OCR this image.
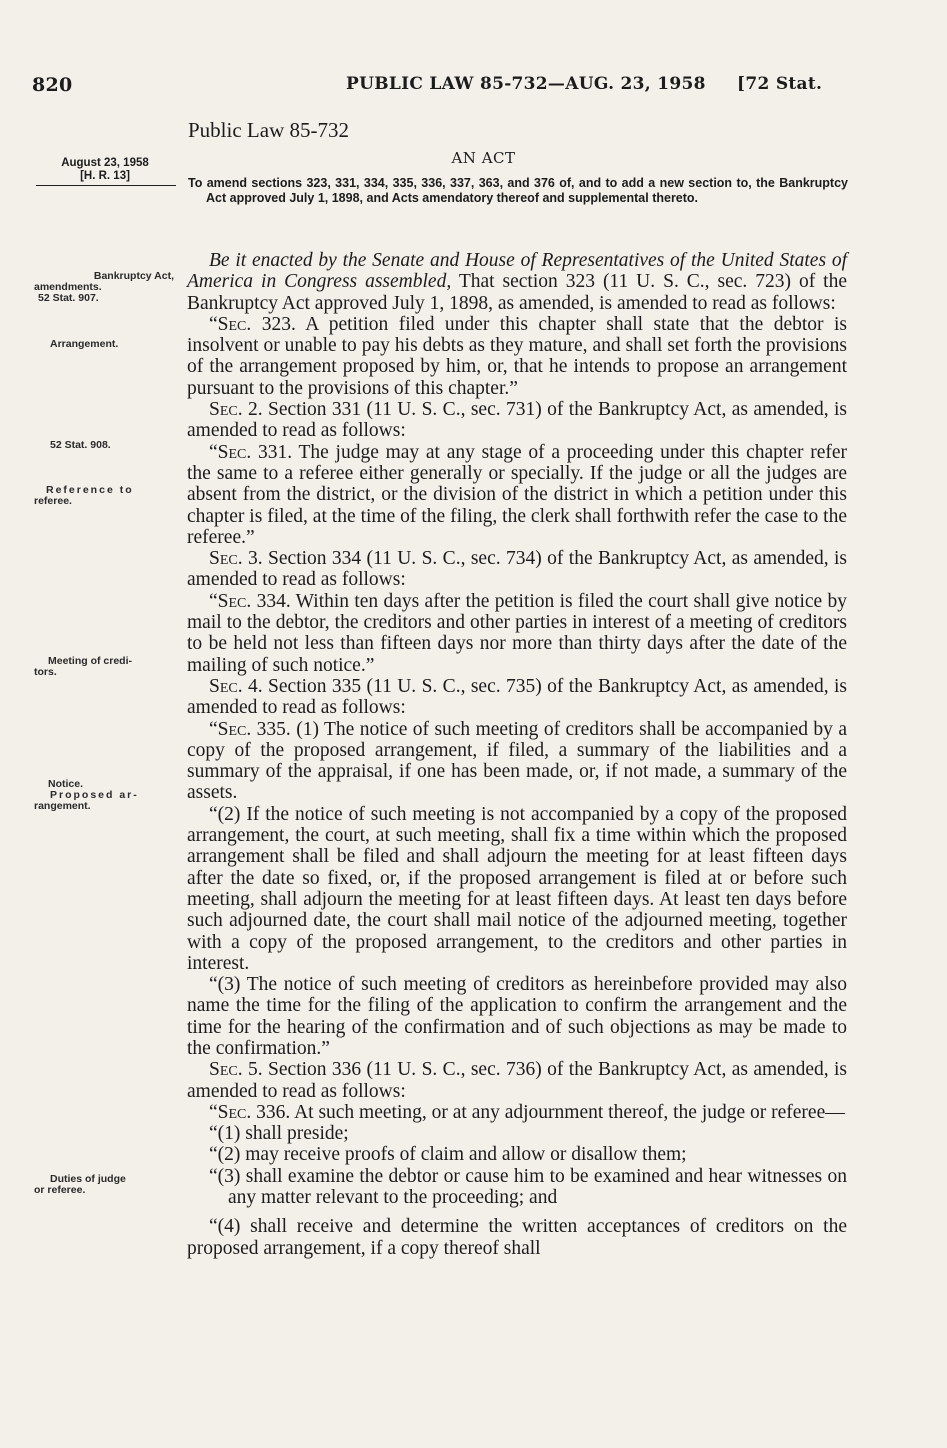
820	PUBLIC LAW 85-732—AUG. 23, 1958 [72 Stat.
Public Law 85-732
AN ACT
August 23, 1958
[H. R. 13]	To amend sections 323, 331, 334, 335, 336, 337, 363, and 376 of, and to add a new section to, the Bankruptcy Act approved July 1, 1898, and Acts amendatory thereof and supplemental thereto.
Bankruptcy Act,
amendments.
52 Stat. 907.
Arrangement.
52 Stat. 908.
Reference to
referee.
Meeting of credi-
tors.
Notice.
Proposed ar-
rangement.
Duties of judge
or referee.

Be it enacted by the Senate and House of Representatives of the United States of America in Congress assembled, That section 323 (11 U. S. C., sec. 723) of the Bankruptcy Act approved July 1, 1898, as amended, is amended to read as follows:

“Sec. 323. A petition filed under this chapter shall state that the debtor is insolvent or unable to pay his debts as they mature, and shall set forth the provisions of the arrangement proposed by him, or, that he intends to propose an arrangement pursuant to the provisions of this chapter.”

Sec. 2. Section 331 (11 U. S. C., sec. 731) of the Bankruptcy Act, as amended, is amended to read as follows:

“Sec. 331. The judge may at any stage of a proceeding under this chapter refer the same to a referee either generally or specially. If the judge or all the judges are absent from the district, or the division of the district in which a petition under this chapter is filed, at the time of the filing, the clerk shall forthwith refer the case to the referee.”

Sec. 3. Section 334 (11 U. S. C., sec. 734) of the Bankruptcy Act, as amended, is amended to read as follows:

“Sec. 334. Within ten days after the petition is filed the court shall give notice by mail to the debtor, the creditors and other parties in interest of a meeting of creditors to be held not less than fifteen days nor more than thirty days after the date of the mailing of such notice.”

Sec. 4. Section 335 (11 U. S. C., sec. 735) of the Bankruptcy Act, as amended, is amended to read as follows:

“Sec. 335. (1) The notice of such meeting of creditors shall be accompanied by a copy of the proposed arrangement, if filed, a summary of the liabilities and a summary of the appraisal, if one has been made, or, if not made, a summary of the assets.

“(2) If the notice of such meeting is not accompanied by a copy of the proposed arrangement, the court, at such meeting, shall fix a time within which the proposed arrangement shall be filed and shall adjourn the meeting for at least fifteen days after the date so fixed, or, if the proposed arrangement is filed at or before such meeting, shall adjourn the meeting for at least fifteen days. At least ten days before such adjourned date, the court shall mail notice of the adjourned meeting, together with a copy of the proposed arrangement, to the creditors and other parties in interest.

“(3) The notice of such meeting of creditors as hereinbefore provided may also name the time for the filing of the application to confirm the arrangement and the time for the hearing of the confirmation and of such objections as may be made to the confirmation.”

Sec. 5. Section 336 (11 U. S. C., sec. 736) of the Bankruptcy Act, as amended, is amended to read as follows:

“Sec. 336. At such meeting, or at any adjournment thereof, the judge or referee—

“(1) shall preside;

“(2) may receive proofs of claim and allow or disallow them;

“(3) shall examine the debtor or cause him to be examined and hear witnesses on any matter relevant to the proceeding; and

“(4) shall receive and determine the written acceptances of creditors on the proposed arrangement, if a copy thereof shall
